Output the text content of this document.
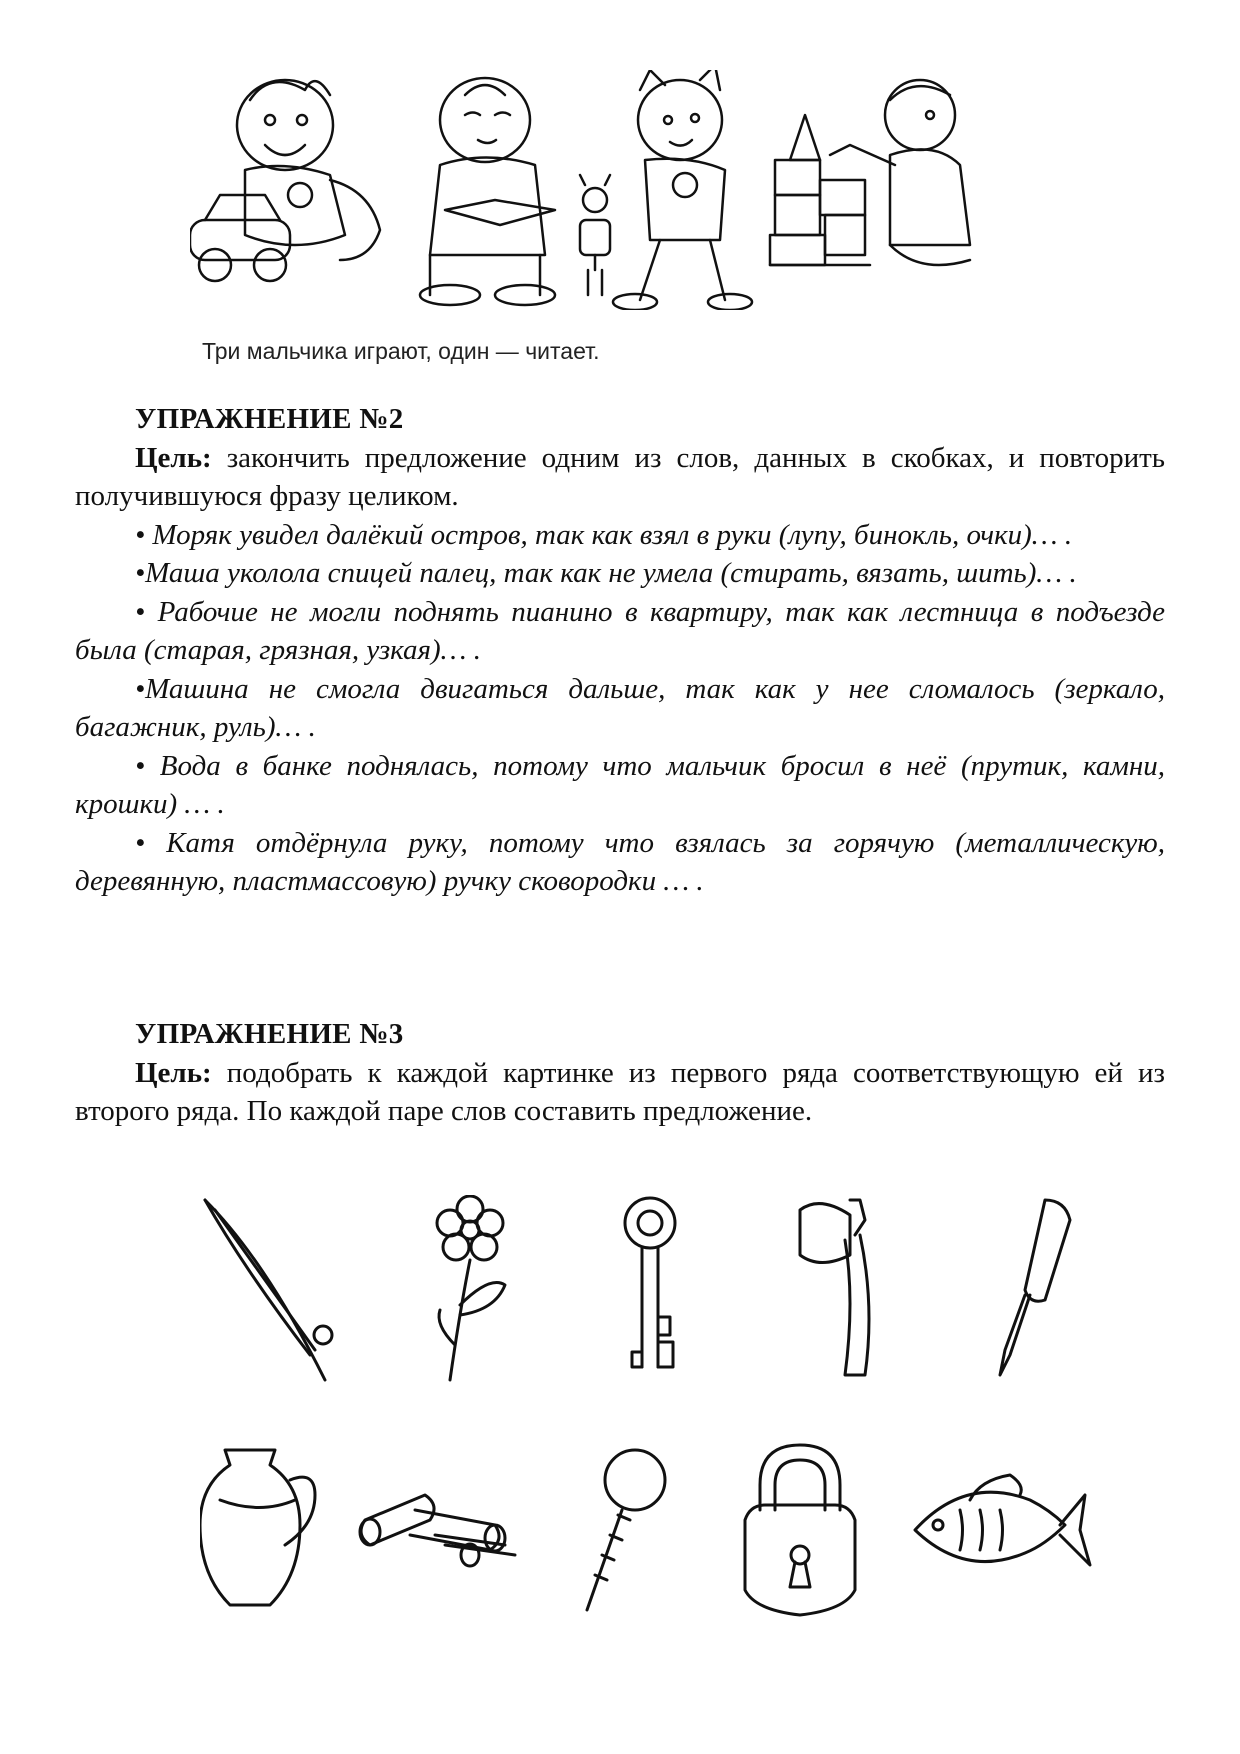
Три мальчика играют, один — читает.
УПРАЖНЕНИЕ №2

Цель: закончить предложение одним из слов, данных в скобках, и повторить получившуюся фразу целиком.

• Моряк увидел далёкий остров, так как взял в руки (лупу, бинокль, очки)… .

•Маша уколола спицей палец, так как не умела (стирать, вязать, шить)… .

• Рабочие не могли поднять пианино в квартиру, так как лестница в подъезде была (старая, грязная, узкая)… .

•Машина не смогла двигаться дальше, так как у нее сломалось (зеркало, багажник, руль)… .

• Вода в банке поднялась, потому что мальчик бросил в неё (прутик, камни, крошки) … .

• Катя отдёрнула руку, потому что взялась за горячую (металлическую, деревянную, пластмассовую) ручку сковородки … .

УПРАЖНЕНИЕ №3

Цель: подобрать к каждой картинке из первого ряда соответствующую ей из второго ряда. По каждой паре слов составить предложение.
